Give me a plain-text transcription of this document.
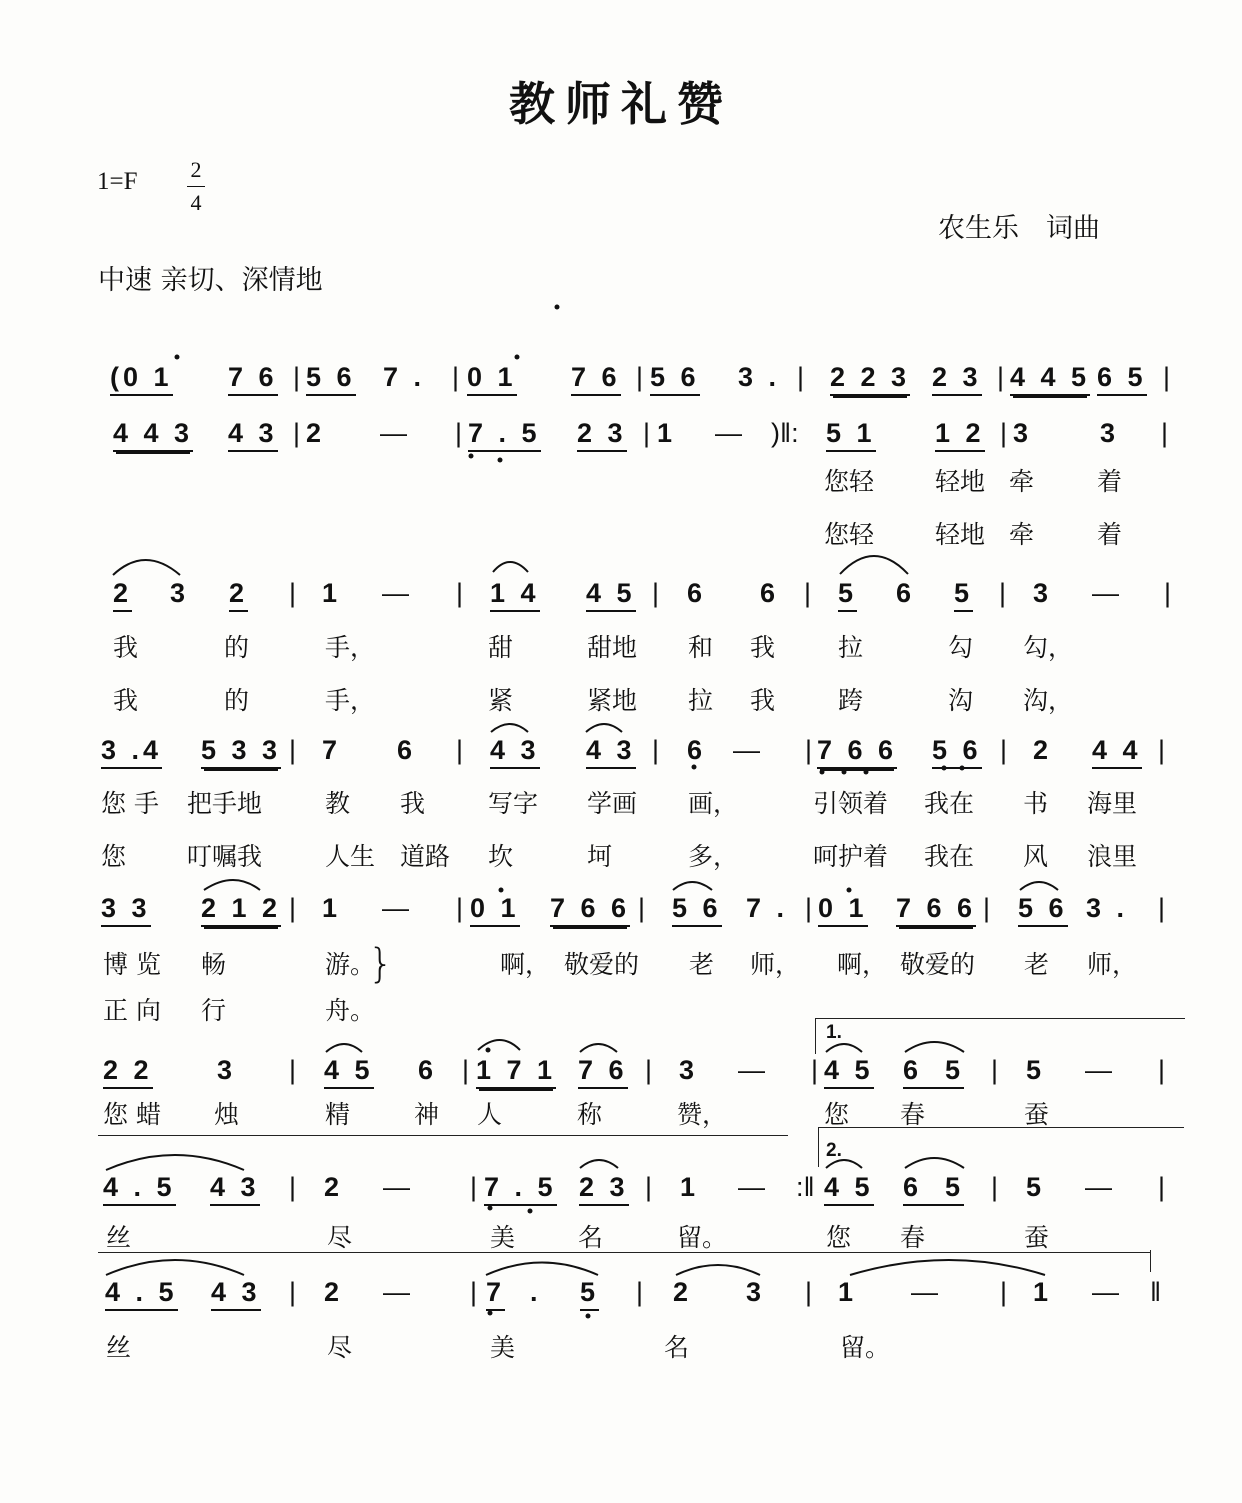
教师礼赞
1=F 2
4
农生乐　词曲
中速 亲切、深情地
(0 1 7 6 | 5 6 7 . | 0 1 7 6 | 5 6 3 . | 2 2 3 2 3 | 4 4 5 6 5 |
4 4 3 4 3 | 2 — | 7 . 5 2 3 | 1 — )‖: 5 1 1 2 | 3	3 |
您轻 轻地 牵	着
您轻 轻地 牵	着
2 3 2 | 1 — | 1 4 4 5 | 6 6 | 5 6 5 | 3 — |
我	的	手，	甜	甜地 和 我	拉	勾 勾，
我	的	手，	紧	紧地 拉 我	跨	沟 沟，
3 .4 5 3 3 | 7 6 | 4 3 4 3 | 6 — | 7 6 6 5 6 | 2 4 4 |
您 手 把手地	教 我	写字 学画 画，	引领着 我在 书 海里
您 叮嘱我	人生 道路 坎	坷	多，	呵护着 我在 风 浪里
3 3 2 1 2 | 1 — | 0 1 7 6 6 | 5 6 7 . | 0 1 7 6 6 | 5 6 3 . |
博 览 畅	游。
}	啊， 敬爱的 老 师， 啊， 敬爱的 老 师，
正 向 行	舟。
2 2 3 | 4 5 6 | 1 7 1 7 6 | 3 — | 4 5 6  5 | 5 — |
您 蜡 烛	精	神 人	称	赞，	您 春	蚕
4 . 5 4 3 | 2 — | 7 . 5 2 3 | 1 — :‖ 4 5 6  5 | 5 — |
丝	尽	美	名	留。	您 春	蚕
4 . 5 4 3 | 2 — | 7 . 5 | 2 3 | 1 — | 1 — ‖
丝	尽	美	名	留。
1.
2.
